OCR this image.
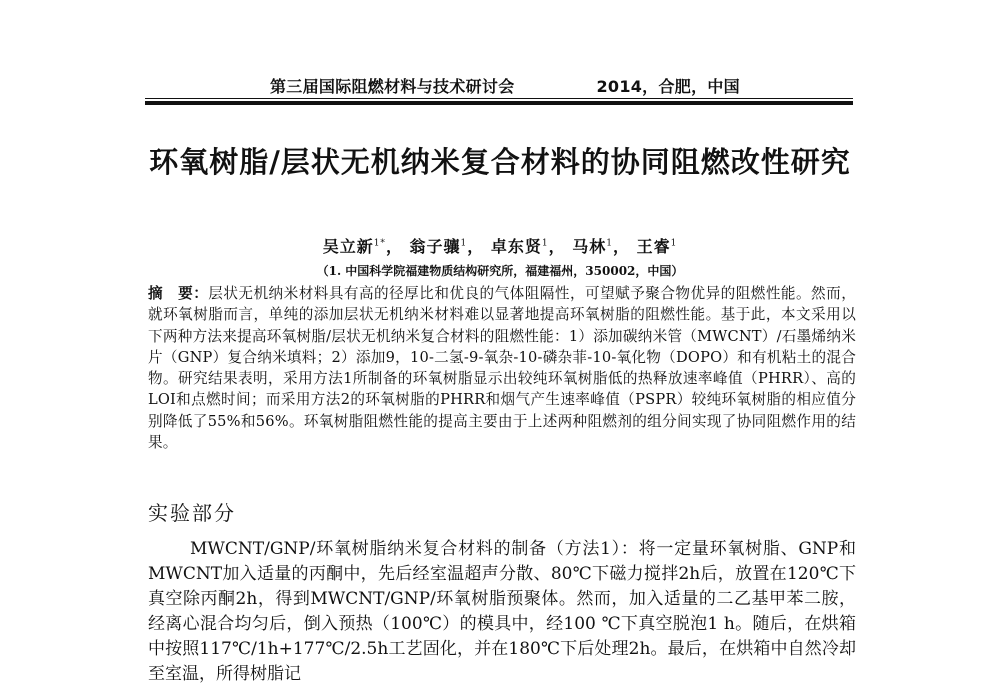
第三届国际阻燃材料与技术研讨会	2014，合肥，中国
环氧树脂/层状无机纳米复合材料的协同阻燃改性研究
吴立新$^{1*}$， 翁子骧$^1$， 卓东贤$^1$， 马林$^1$， 王睿$^1$
（1. 中国科学院福建物质结构研究所，福建福州，350002，中国）
摘　要：层状无机纳米材料具有高的径厚比和优良的气体阻隔性，可望赋予聚合物优异的阻燃性能。然而，就环氧树脂而言，单纯的添加层状无机纳米材料难以显著地提高环氧树脂的阻燃性能。基于此，本文采用以下两种方法来提高环氧树脂/层状无机纳米复合材料的阻燃性能：1）添加碳纳米管（MWCNT）/石墨烯纳米片（GNP）复合纳米填料；2）添加9，10-二氢-9-氧杂-10-磷杂菲-10-氧化物（DOPO）和有机粘土的混合物。研究结果表明，采用方法1所制备的环氧树脂显示出较纯环氧树脂低的热释放速率峰值（PHRR）、高的LOI和点燃时间；而采用方法2的环氧树脂的PHRR和烟气产生速率峰值（PSPR）较纯环氧树脂的相应值分别降低了55%和56%。环氧树脂阻燃性能的提高主要由于上述两种阻燃剂的组分间实现了协同阻燃作用的结果。
实验部分
MWCNT/GNP/环氧树脂纳米复合材料的制备（方法1）：将一定量环氧树脂、GNP和MWCNT加入适量的丙酮中，先后经室温超声分散、80℃下磁力搅拌2h后，放置在120℃下真空除丙酮2h，得到MWCNT/GNP/环氧树脂预聚体。然而，加入适量的二乙基甲苯二胺，经离心混合均匀后，倒入预热（100℃）的模具中，经100 ℃下真空脱泡1 h。随后，在烘箱中按照117℃/1h+177℃/2.5h工艺固化，并在180℃下后处理2h。最后，在烘箱中自然冷却至室温，所得树脂记
